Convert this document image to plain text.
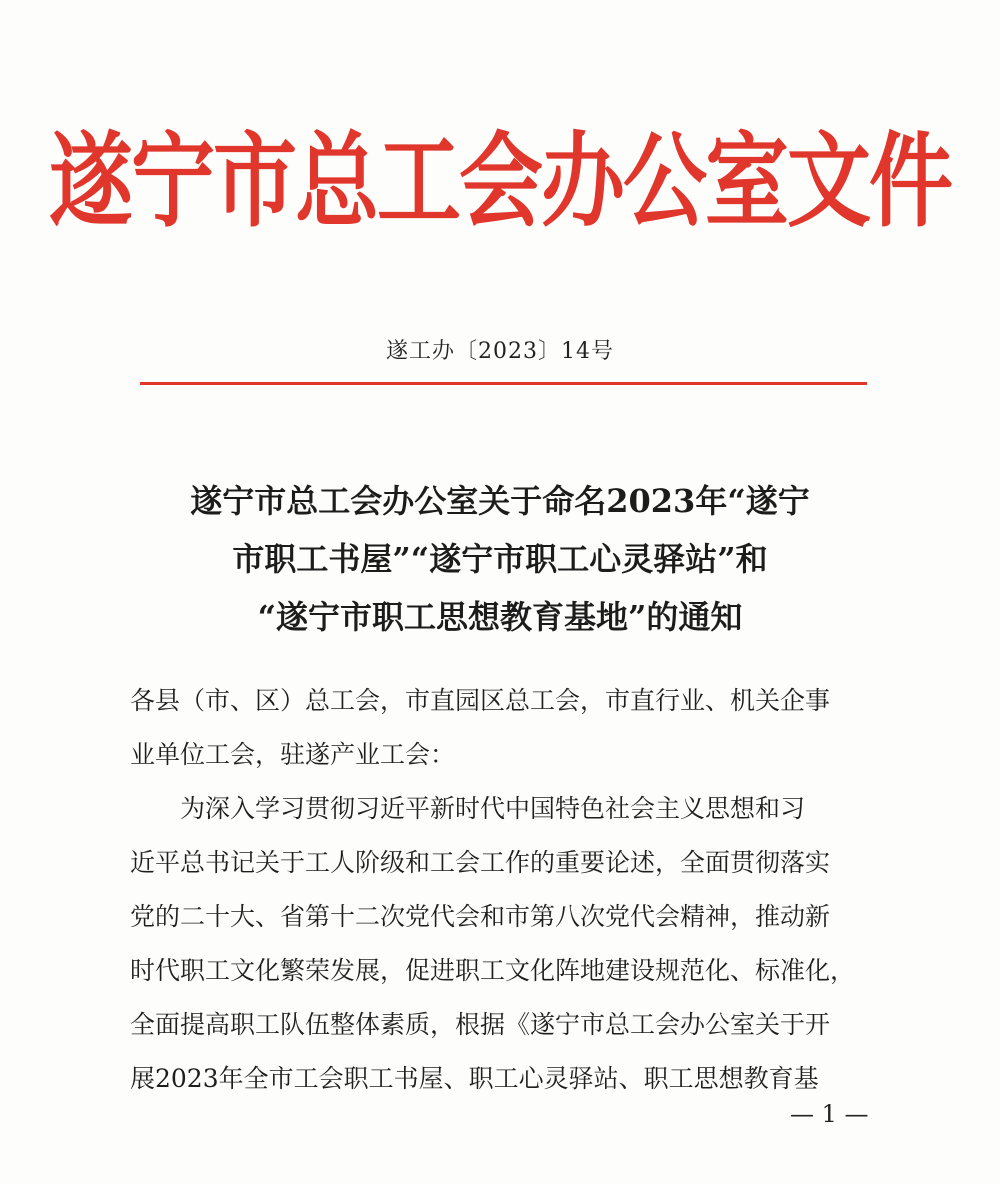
遂宁市总工会办公室文件
遂工办〔2023〕14号
遂宁市总工会办公室关于命名2023年“遂宁
市职工书屋”“遂宁市职工心灵驿站”和
“遂宁市职工思想教育基地”的通知
各县（市、区）总工会，市直园区总工会，市直行业、机关企事
业单位工会，驻遂产业工会：
为深入学习贯彻习近平新时代中国特色社会主义思想和习
近平总书记关于工人阶级和工会工作的重要论述，全面贯彻落实
党的二十大、省第十二次党代会和市第八次党代会精神，推动新
时代职工文化繁荣发展，促进职工文化阵地建设规范化、标准化，
全面提高职工队伍整体素质，根据《遂宁市总工会办公室关于开
展2023年全市工会职工书屋、职工心灵驿站、职工思想教育基
— 1 —
